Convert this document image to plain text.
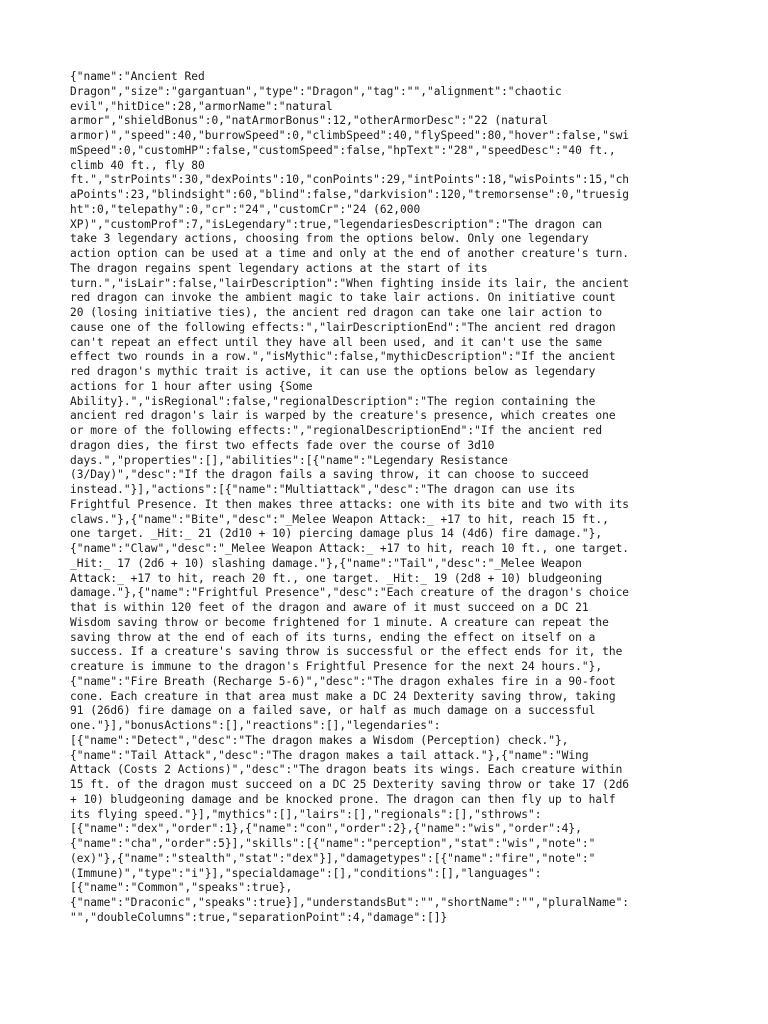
{"name":"Ancient Red
Dragon","size":"gargantuan","type":"Dragon","tag":"","alignment":"chaotic
evil","hitDice":28,"armorName":"natural
armor","shieldBonus":0,"natArmorBonus":12,"otherArmorDesc":"22 (natural
armor)","speed":40,"burrowSpeed":0,"climbSpeed":40,"flySpeed":80,"hover":false,"swi
mSpeed":0,"customHP":false,"customSpeed":false,"hpText":"28","speedDesc":"40 ft.,
climb 40 ft., fly 80
ft.","strPoints":30,"dexPoints":10,"conPoints":29,"intPoints":18,"wisPoints":15,"ch
aPoints":23,"blindsight":60,"blind":false,"darkvision":120,"tremorsense":0,"truesig
ht":0,"telepathy":0,"cr":"24","customCr":"24 (62,000
XP)","customProf":7,"isLegendary":true,"legendariesDescription":"The dragon can
take 3 legendary actions, choosing from the options below. Only one legendary
action option can be used at a time and only at the end of another creature's turn.
The dragon regains spent legendary actions at the start of its
turn.","isLair":false,"lairDescription":"When fighting inside its lair, the ancient
red dragon can invoke the ambient magic to take lair actions. On initiative count
20 (losing initiative ties), the ancient red dragon can take one lair action to
cause one of the following effects:","lairDescriptionEnd":"The ancient red dragon
can't repeat an effect until they have all been used, and it can't use the same
effect two rounds in a row.","isMythic":false,"mythicDescription":"If the ancient
red dragon's mythic trait is active, it can use the options below as legendary
actions for 1 hour after using {Some
Ability}.","isRegional":false,"regionalDescription":"The region containing the
ancient red dragon's lair is warped by the creature's presence, which creates one
or more of the following effects:","regionalDescriptionEnd":"If the ancient red
dragon dies, the first two effects fade over the course of 3d10
days.","properties":[],"abilities":[{"name":"Legendary Resistance
(3/Day)","desc":"If the dragon fails a saving throw, it can choose to succeed
instead."}],"actions":[{"name":"Multiattack","desc":"The dragon can use its
Frightful Presence. It then makes three attacks: one with its bite and two with its
claws."},{"name":"Bite","desc":"_Melee Weapon Attack:_ +17 to hit, reach 15 ft.,
one target. _Hit:_ 21 (2d10 + 10) piercing damage plus 14 (4d6) fire damage."},
{"name":"Claw","desc":"_Melee Weapon Attack:_ +17 to hit, reach 10 ft., one target.
_Hit:_ 17 (2d6 + 10) slashing damage."},{"name":"Tail","desc":"_Melee Weapon
Attack:_ +17 to hit, reach 20 ft., one target. _Hit:_ 19 (2d8 + 10) bludgeoning
damage."},{"name":"Frightful Presence","desc":"Each creature of the dragon's choice
that is within 120 feet of the dragon and aware of it must succeed on a DC 21
Wisdom saving throw or become frightened for 1 minute. A creature can repeat the
saving throw at the end of each of its turns, ending the effect on itself on a
success. If a creature's saving throw is successful or the effect ends for it, the
creature is immune to the dragon's Frightful Presence for the next 24 hours."},
{"name":"Fire Breath (Recharge 5-6)","desc":"The dragon exhales fire in a 90-foot
cone. Each creature in that area must make a DC 24 Dexterity saving throw, taking
91 (26d6) fire damage on a failed save, or half as much damage on a successful
one."}],"bonusActions":[],"reactions":[],"legendaries":
[{"name":"Detect","desc":"The dragon makes a Wisdom (Perception) check."},
{"name":"Tail Attack","desc":"The dragon makes a tail attack."},{"name":"Wing
Attack (Costs 2 Actions)","desc":"The dragon beats its wings. Each creature within
15 ft. of the dragon must succeed on a DC 25 Dexterity saving throw or take 17 (2d6
+ 10) bludgeoning damage and be knocked prone. The dragon can then fly up to half
its flying speed."}],"mythics":[],"lairs":[],"regionals":[],"sthrows":
[{"name":"dex","order":1},{"name":"con","order":2},{"name":"wis","order":4},
{"name":"cha","order":5}],"skills":[{"name":"perception","stat":"wis","note":"
(ex)"},{"name":"stealth","stat":"dex"}],"damagetypes":[{"name":"fire","note":"
(Immune)","type":"i"}],"specialdamage":[],"conditions":[],"languages":
[{"name":"Common","speaks":true},
{"name":"Draconic","speaks":true}],"understandsBut":"","shortName":"","pluralName":
"","doubleColumns":true,"separationPoint":4,"damage":[]}
